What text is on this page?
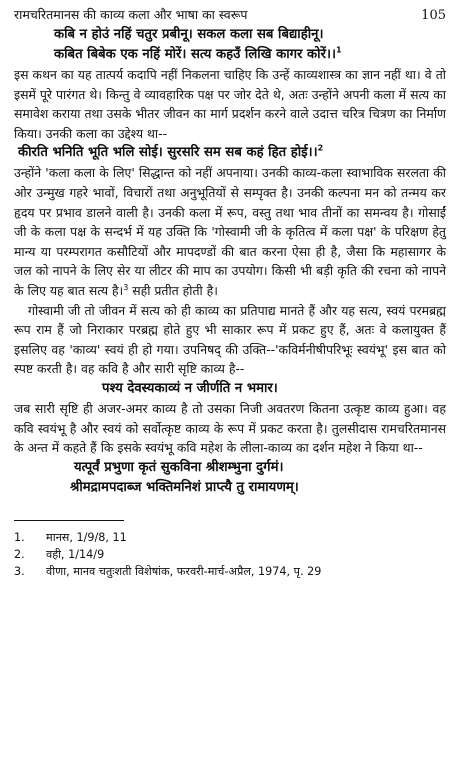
रामचरितमानस की काव्य कला और भाषा का स्वरूप	105

कबि न होउं नहिं चतुर प्रबीनू। सकल कला सब बिद्याहीनू।

कबित बिबेक एक नहिं मोरें। सत्य कहउँ लिखि कागर कोरें।।$^1$

इस कथन का यह तात्पर्य कदापि नहीं निकलना चाहिए कि उन्हें काव्यशास्त्र का ज्ञान नहीं था। वे तो इसमें पूरे पारंगत थे। किन्तु वे व्यावहारिक पक्ष पर जोर देते थे, अतः उन्होंने अपनी कला में सत्य का समावेश कराया तथा उसके भीतर जीवन का मार्ग प्रदर्शन करने वाले उदात्त चरित्र चित्रण का निर्माण किया। उनकी कला का उद्देश्य था--

कीरति भनिति भूति भलि सोई। सुरसरि सम सब कहं हित होई।।$^2$

उन्होंने 'कला कला के लिए' सिद्धान्त को नहीं अपनाया। उनकी काव्य-कला स्वाभाविक सरलता की ओर उन्मुख गहरे भावों, विचारों तथा अनुभूतियों से सम्पृक्त है। उनकी कल्पना मन को तन्मय कर हृदय पर प्रभाव डालने वाली है। उनकी कला में रूप, वस्तु तथा भाव तीनों का समन्वय है। गोसाईं जी के कला पक्ष के सन्दर्भ में यह उक्ति कि 'गोस्वामी जी के कृतित्व में कला पक्ष' के परिक्षण हेतु मान्य या परम्परागत कसौटियों और मापदण्डों की बात करना ऐसा ही है, जैसा कि महासागर के जल को नापने के लिए सेर या लीटर की माप का उपयोग। किसी भी बड़ी कृति की रचना को नापने के लिए यह बात सत्य है।$^3$ सही प्रतीत होती है।

गोस्वामी जी तो जीवन में सत्य को ही काव्य का प्रतिपाद्य मानते हैं और यह सत्य, स्वयं परमब्रह्म रूप राम हैं जो निराकार परब्रह्म होते हुए भी साकार रूप में प्रकट हुए हैं, अतः वे कलायुक्त हैं इसलिए वह 'काव्य' स्वयं ही हो गया। उपनिषद् की उक्ति--'कविर्मनीषीपरिभूः स्वयंभू' इस बात को स्पष्ट करती है। वह कवि है और सारी सृष्टि काव्य है--

पश्य देवस्यकाव्यं न जीर्णति न भमार।

जब सारी सृष्टि ही अजर-अमर काव्य है तो उसका निजी अवतरण कितना उत्कृष्ट काव्य हुआ। वह कवि स्वयंभू है और स्वयं को सर्वोत्कृष्ट काव्य के रूप में प्रकट करता है। तुलसीदास रामचरितमानस के अन्त में कहते हैं कि इसके स्वयंभू कवि महेश के लीला-काव्य का दर्शन महेश ने किया था--

यत्पूर्वं प्रभुणा कृतं सुकविना श्रीशम्भुना दुर्गमं।

श्रीमद्रामपदाब्ज भक्तिमनिशं प्राप्त्यै तु रामायणम्।

1.	मानस, 1/9/8, 11
2.	वही, 1/14/9
3.	वीणा, मानव चतुःशती विशेषांक, फरवरी-मार्च-अप्रैल, 1974, पृ. 29
